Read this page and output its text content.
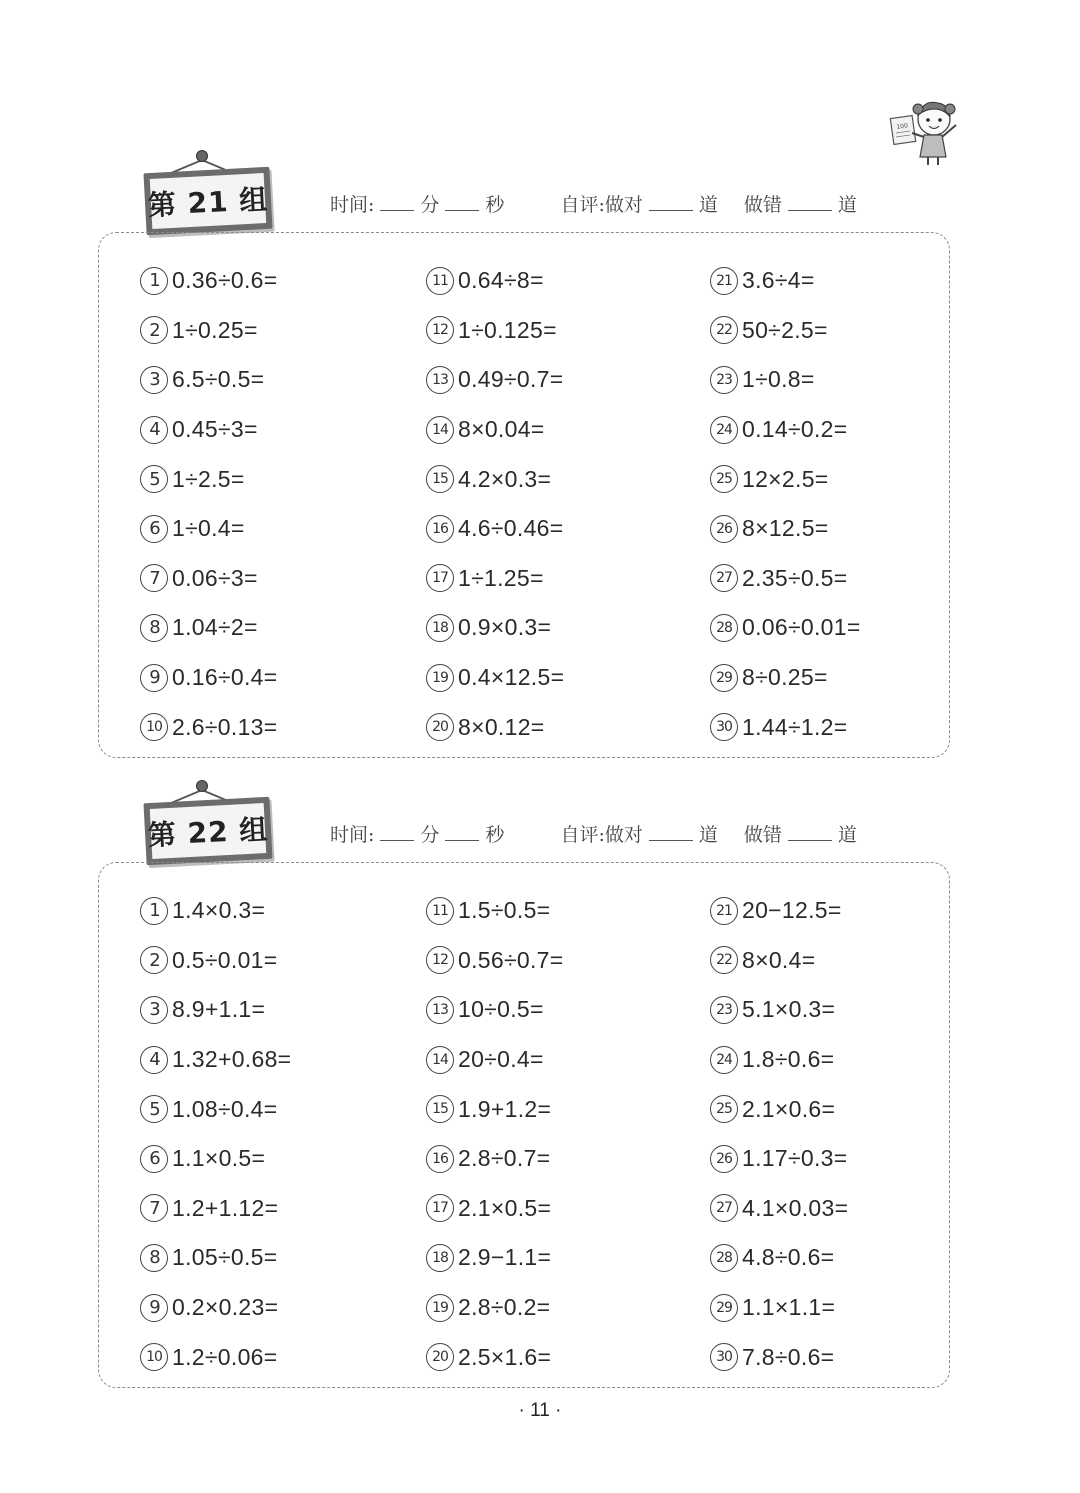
100
第 21 组	时间: 分 秒	自评:做对	道 做错	道
1 0.36÷0.6=	11 0.64÷8=	21 3.6÷4=
2 1÷0.25=	12 1÷0.125=	22 50÷2.5=
3 6.5÷0.5=	13 0.49÷0.7=	23 1÷0.8=
4 0.45÷3=	14 8×0.04=	24 0.14÷0.2=
5 1÷2.5=	15 4.2×0.3=	25 12×2.5=
6 1÷0.4=	16 4.6÷0.46=	26 8×12.5=
7 0.06÷3=	17 1÷1.25=	27 2.35÷0.5=
8 1.04÷2=	18 0.9×0.3=	28 0.06÷0.01=
9 0.16÷0.4=	19 0.4×12.5=	29 8÷0.25=
10 2.6÷0.13=	20 8×0.12=	30 1.44÷1.2=
第 22 组	时间: 分 秒	自评:做对	道 做错	道
1 1.4×0.3=	11 1.5÷0.5=	21 20−12.5=
2 0.5÷0.01=	12 0.56÷0.7=	22 8×0.4=
3 8.9+1.1=	13 10÷0.5=	23 5.1×0.3=
4 1.32+0.68=	14 20÷0.4=	24 1.8÷0.6=
5 1.08÷0.4=	15 1.9+1.2=	25 2.1×0.6=
6 1.1×0.5=	16 2.8÷0.7=	26 1.17÷0.3=
7 1.2+1.12=	17 2.1×0.5=	27 4.1×0.03=
8 1.05÷0.5=	18 2.9−1.1=	28 4.8÷0.6=
9 0.2×0.23=	19 2.8÷0.2=	29 1.1×1.1=
10 1.2÷0.06=	20 2.5×1.6=	30 7.8÷0.6=
· 11 ·
